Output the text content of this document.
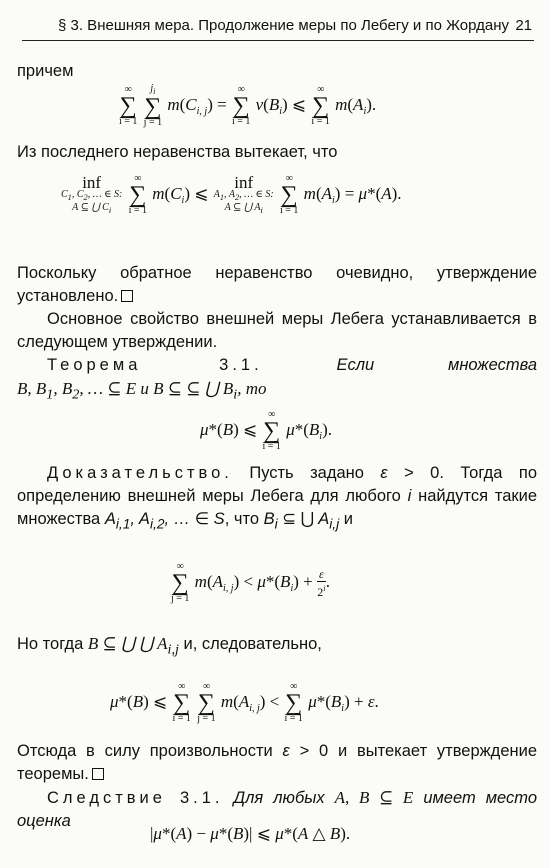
§ 3. Внешняя мера. Продолжение меры по Лебегу и по Жордану 21
причем
∞
∑
i = 1

$j_i$
∑
j = 1
$m(C_{i, j})$ =
∞
∑
i = 1
$\nu(B_i)$ ⩽
∞
∑
i = 1
$m(A_i)$.
Из последнего неравенства вытекает, что
inf
$C_1$, $C_2$, … ∈ S:
A ⊆ ⋃ $C_i$

∞
∑
i = 1
$m(C_i)$ ⩽
inf
$A_1$, $A_2$, … ∈ S:
A ⊆ ⋃ $A_i$

∞
∑
i = 1
$m(A_i) = \mu*(A)$.
Поскольку обратное неравенство очевидно, утверждение установлено.
Основное свойство внешней меры Лебега устанавливается в следующем утверждении.
Теорема 3.1.	Если множества B, $B_1$, $B_2$, … ⊆ E и B ⊆ ⊆ ⋃ $B_i$, то
μ*(B) ⩽
∞
∑
i = 1
$\mu*(B_i)$.
Доказательство. Пусть задано ε > 0. Тогда по определению внешней меры Лебега для любого i найдутся такие множества $A_{i,1}$, $A_{i,2}$, … ∈ S, что $B_i$ ⊆ ⋃ $A_{i,j}$ и
∞
∑
j = 1
$m(A_{i, j}) < \mu*(B_i) + \frac{\varepsilon}{2^i}$.
Но тогда B ⊆ ⋃ ⋃ $A_{i,j}$ и, следовательно,
μ*(B) ⩽
∞
∑
i = 1

∞
∑
j = 1
$m(A_{i, j})$ <
∞
∑
i = 1
$\mu*(B_i) + \varepsilon$.
Отсюда в силу произвольности ε > 0 и вытекает утверждение теоремы.
Следствие 3.1. Для любых A, B ⊆ E имеет место оценка
|μ*(A) − μ*(B)| ⩽ μ*(A △ B).
